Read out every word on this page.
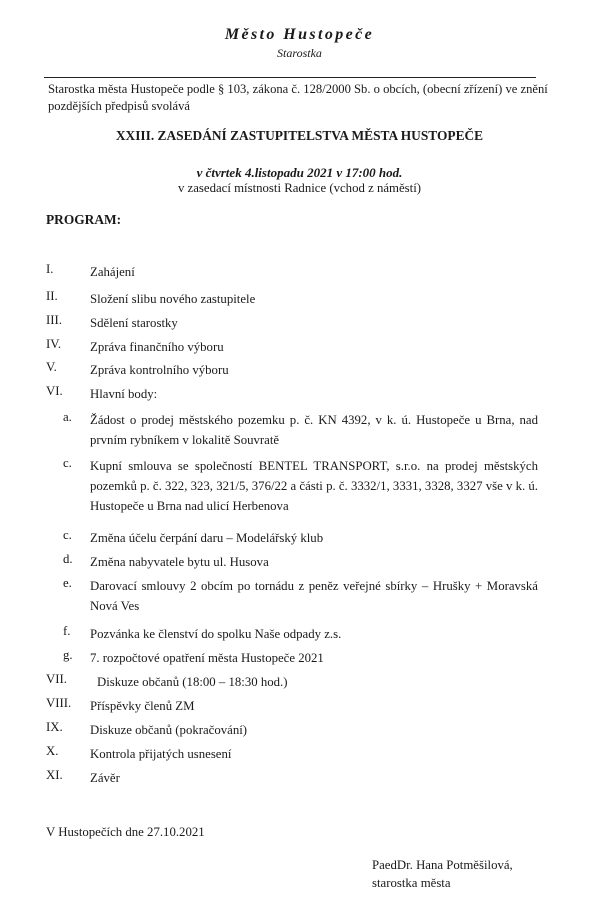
Město Hustopeče
Starostka
Starostka města Hustopeče podle § 103, zákona č. 128/2000 Sb. o obcích, (obecní zřízení) ve znění pozdějších předpisů svolává
XXIII. ZASEDÁNÍ ZASTUPITELSTVA MĚSTA HUSTOPEČE
v čtvrtek 4.listopadu 2021 v 17:00 hod.
v zasedací místnosti Radnice (vchod z náměstí)
PROGRAM:
I.	Zahájení
II.	Složení slibu nového zastupitele
III. Sdělení starostky
IV. Zpráva finančního výboru
V.	Zpráva kontrolního výboru
VI. Hlavní body:
a. Žádost o prodej městského pozemku p. č. KN 4392, v k. ú. Hustopeče u Brna, nad prvním rybníkem v lokalitě Souvratě
c. Kupní smlouva se společností BENTEL TRANSPORT, s.r.o. na prodej městských pozemků p. č. 322, 323, 321/5, 376/22 a části p. č. 3332/1, 3331, 3328, 3327 vše v k. ú. Hustopeče u Brna nad ulicí Herbenova
c. Změna účelu čerpání daru – Modelářský klub
d. Změna nabyvatele bytu ul. Husova
e. Darovací smlouvy 2 obcím po tornádu z peněz veřejné sbírky – Hrušky + Moravská Nová Ves
f. Pozvánka ke členství do spolku Naše odpady z.s.
g. 7. rozpočtové opatření města Hustopeče 2021
VII. Diskuze občanů (18:00 – 18:30 hod.)
VIII. Příspěvky členů ZM
IX. Diskuze občanů (pokračování)
X. Kontrola přijatých usnesení
XI. Závěr
V Hustopečích dne 27.10.2021
PaedDr. Hana Potměšilová,
starostka města
